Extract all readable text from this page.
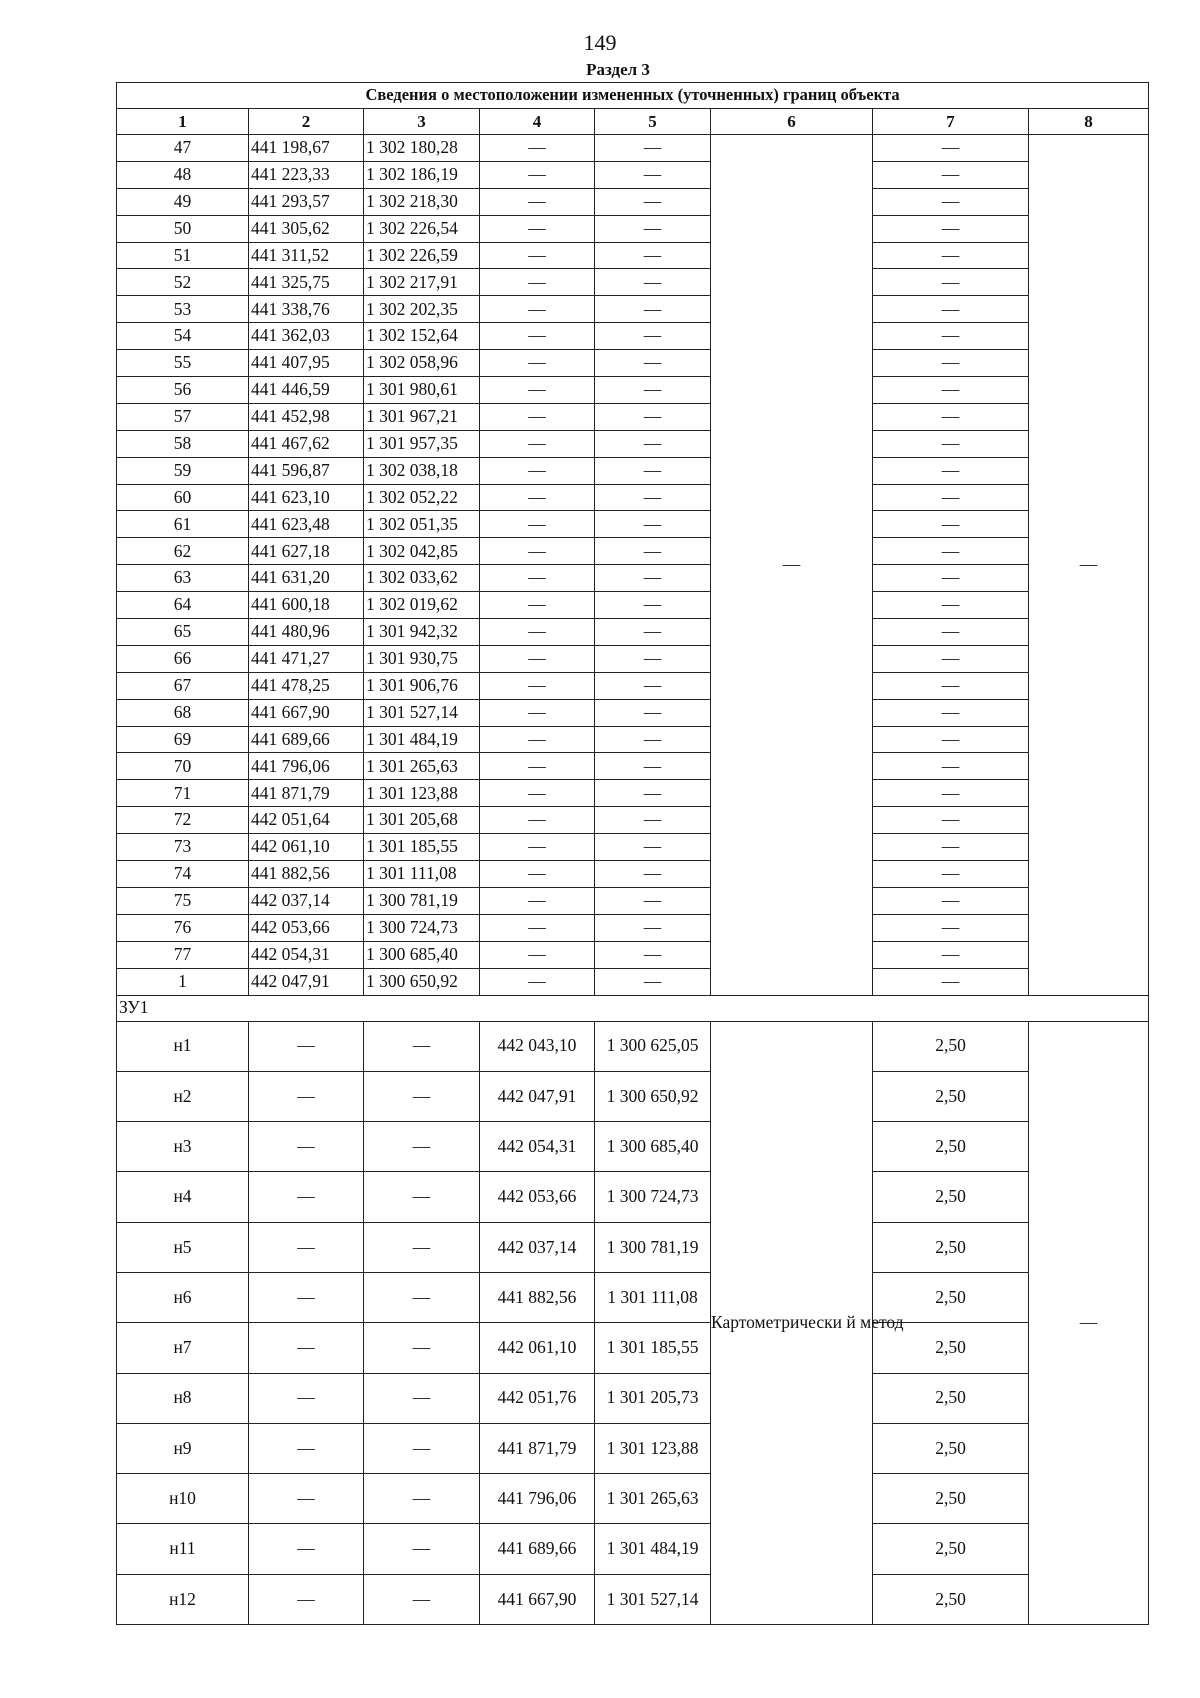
149
Раздел 3
Сведения о местоположении измененных (уточненных) границ объекта							
1	2	3	4	5	6	7	8
47	441 198,67	1 302 180,28	—	—	—	—	—
48	441 223,33	1 302 186,19	—	—		—	
49	441 293,57	1 302 218,30	—	—		—	
50	441 305,62	1 302 226,54	—	—		—	
51	441 311,52	1 302 226,59	—	—		—	
52	441 325,75	1 302 217,91	—	—		—	
53	441 338,76	1 302 202,35	—	—		—	
54	441 362,03	1 302 152,64	—	—		—	
55	441 407,95	1 302 058,96	—	—		—	
56	441 446,59	1 301 980,61	—	—		—	
57	441 452,98	1 301 967,21	—	—		—	
58	441 467,62	1 301 957,35	—	—		—	
59	441 596,87	1 302 038,18	—	—		—	
60	441 623,10	1 302 052,22	—	—		—	
61	441 623,48	1 302 051,35	—	—		—	
62	441 627,18	1 302 042,85	—	—		—	
63	441 631,20	1 302 033,62	—	—		—	
64	441 600,18	1 302 019,62	—	—		—	
65	441 480,96	1 301 942,32	—	—		—	
66	441 471,27	1 301 930,75	—	—		—	
67	441 478,25	1 301 906,76	—	—		—	
68	441 667,90	1 301 527,14	—	—		—	
69	441 689,66	1 301 484,19	—	—		—	
70	441 796,06	1 301 265,63	—	—		—	
71	441 871,79	1 301 123,88	—	—		—	
72	442 051,64	1 301 205,68	—	—		—	
73	442 061,10	1 301 185,55	—	—		—	
74	441 882,56	1 301 111,08	—	—		—	
75	442 037,14	1 300 781,19	—	—		—	
76	442 053,66	1 300 724,73	—	—		—	
77	442 054,31	1 300 685,40	—	—		—	
1	442 047,91	1 300 650,92	—	—		—	
ЗУ1							
н1	—	—	442 043,10	1 300 625,05	Картометрически й метод	2,50	—
н2	—	—	442 047,91	1 300 650,92		2,50	
н3	—	—	442 054,31	1 300 685,40		2,50	
н4	—	—	442 053,66	1 300 724,73		2,50	
н5	—	—	442 037,14	1 300 781,19		2,50	
н6	—	—	441 882,56	1 301 111,08		2,50	
н7	—	—	442 061,10	1 301 185,55		2,50	
н8	—	—	442 051,76	1 301 205,73		2,50	
н9	—	—	441 871,79	1 301 123,88		2,50	
н10	—	—	441 796,06	1 301 265,63		2,50	
н11	—	—	441 689,66	1 301 484,19		2,50	
н12	—	—	441 667,90	1 301 527,14		2,50	
